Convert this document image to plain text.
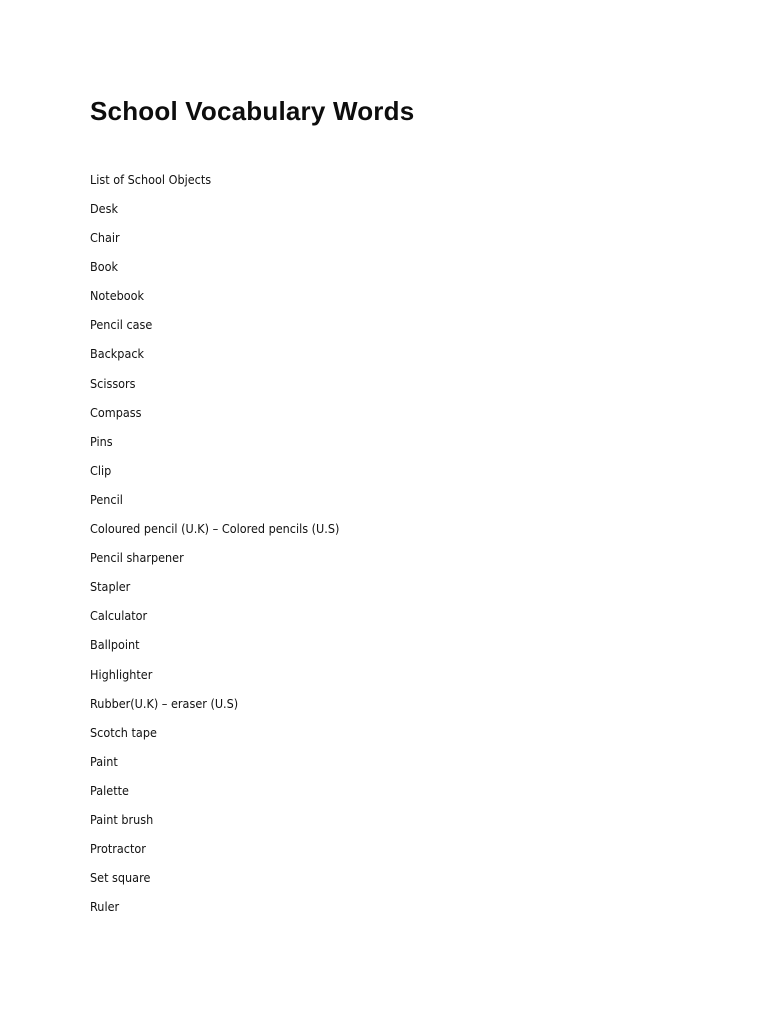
School Vocabulary Words

List of School Objects

Desk
Chair
Book
Notebook
Pencil case
Backpack
Scissors
Compass
Pins
Clip
Pencil
Coloured pencil (U.K) – Colored pencils (U.S)
Pencil sharpener
Stapler
Calculator
Ballpoint
Highlighter
Rubber(U.K) – eraser (U.S)
Scotch tape
Paint
Palette
Paint brush
Protractor
Set square
Ruler
